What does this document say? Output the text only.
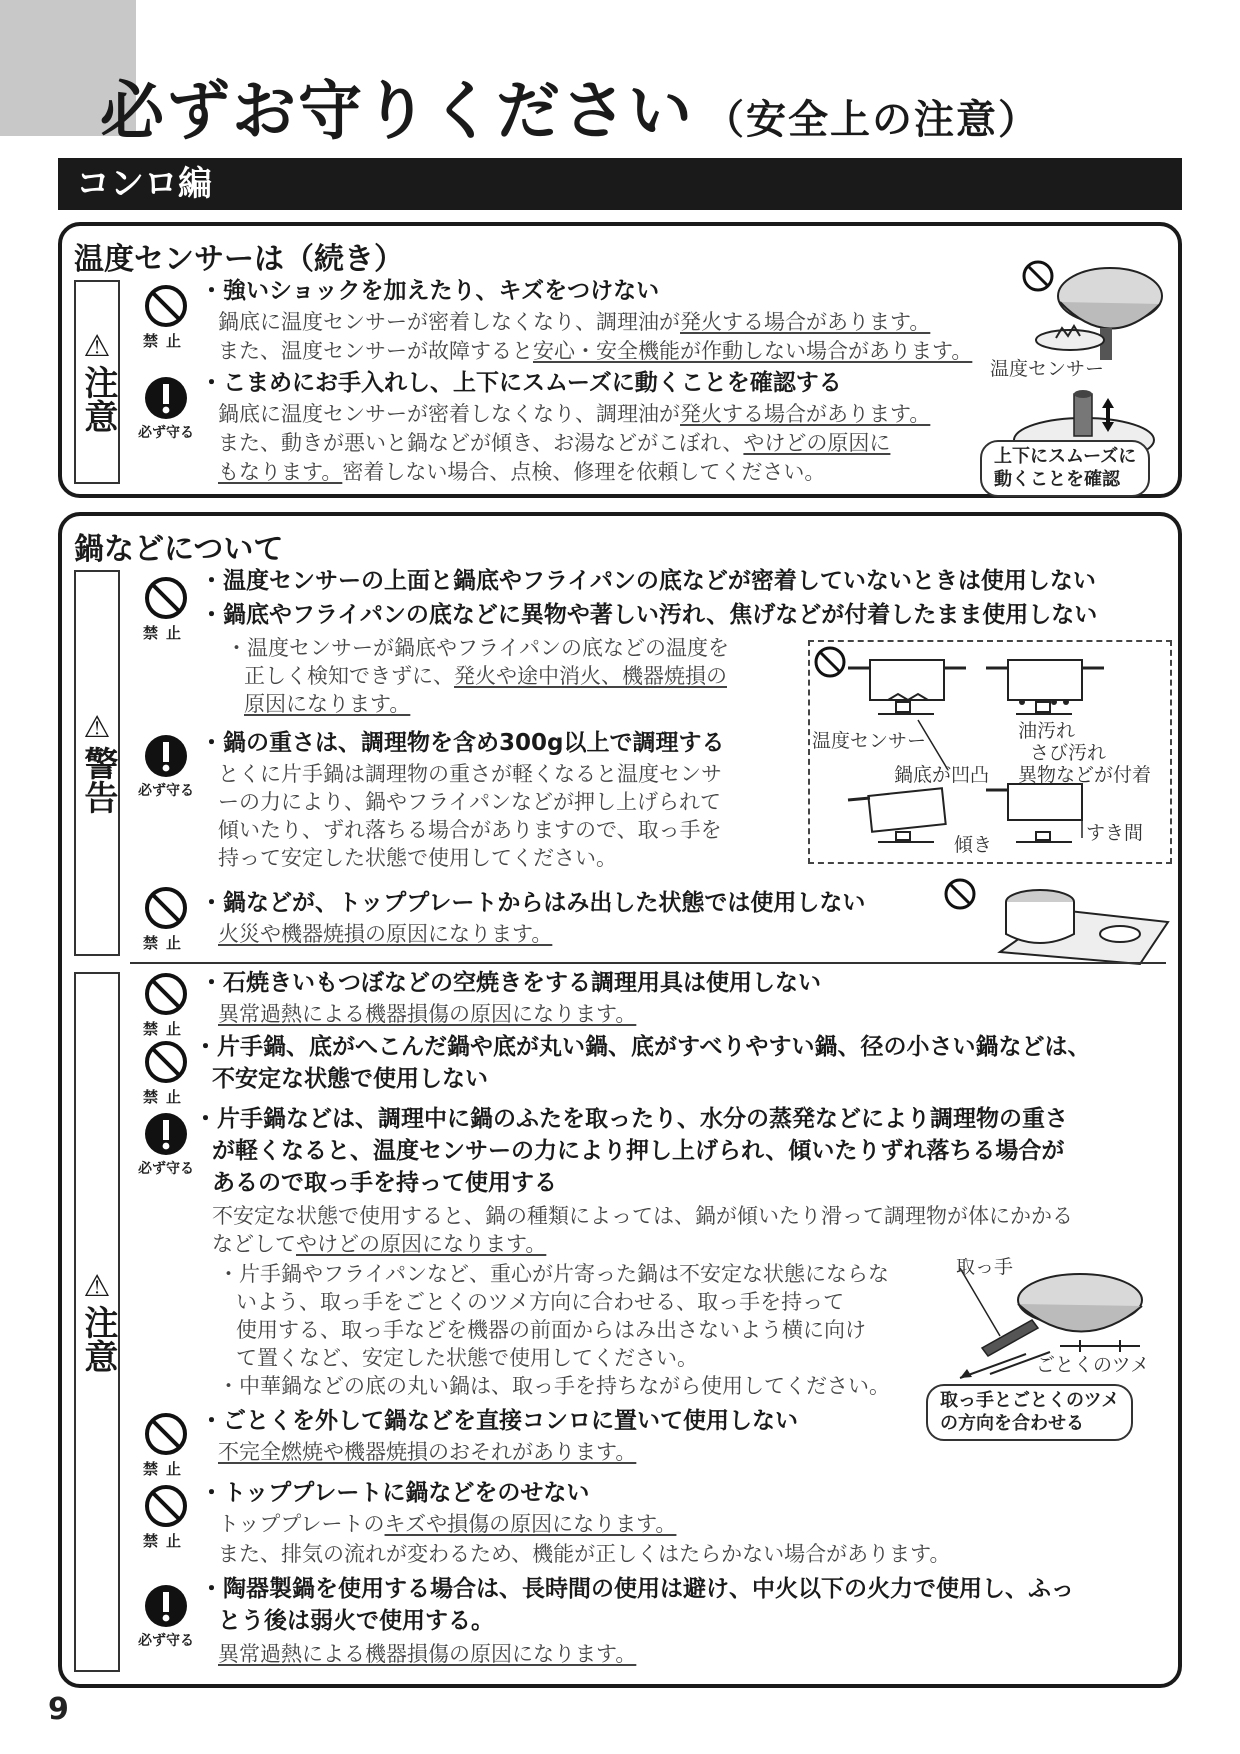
必ずお守りください （安全上の注意）
コンロ編
温度センサーは（続き）
⚠
注意
禁止
・強いショックを加えたり、キズをつけない
鍋底に温度センサーが密着しなくなり、調理油が発火する場合があります。
また、温度センサーが故障すると安心・安全機能が作動しない場合があります。
必ず守る
・こまめにお手入れし、上下にスムーズに動くことを確認する
鍋底に温度センサーが密着しなくなり、調理油が発火する場合があります。
また、動きが悪いと鍋などが傾き、お湯などがこぼれ、やけどの原因に
もなります。密着しない場合、点検、修理を依頼してください。
温度センサー
上下にスムーズに
動くことを確認
鍋などについて
⚠
警告
禁止
・温度センサーの上面と鍋底やフライパンの底などが密着していないときは使用しない
・鍋底やフライパンの底などに異物や著しい汚れ、焦げなどが付着したまま使用しない
・温度センサーが鍋底やフライパンの底などの温度を
正しく検知できずに、発火や途中消火、機器焼損の
原因になります。
必ず守る
・鍋の重さは、調理物を含め300g以上で調理する
とくに片手鍋は調理物の重さが軽くなると温度センサ
ーの力により、鍋やフライパンなどが押し上げられて
傾いたり、ずれ落ちる場合がありますので、取っ手を
持って安定した状態で使用してください。
温度センサー	油汚れ
さび汚れ
鍋底が凹凸 異物などが付着
傾き
すき間
禁止
・鍋などが、トッププレートからはみ出した状態では使用しない
火災や機器焼損の原因になります。
⚠
注意
禁止
・石焼きいもつぼなどの空焼きをする調理用具は使用しない
異常過熱による機器損傷の原因になります。
禁止
・片手鍋、底がへこんだ鍋や底が丸い鍋、底がすべりやすい鍋、径の小さい鍋などは、
不安定な状態で使用しない
必ず守る
・片手鍋などは、調理中に鍋のふたを取ったり、水分の蒸発などにより調理物の重さ
が軽くなると、温度センサーの力により押し上げられ、傾いたりずれ落ちる場合が
あるので取っ手を持って使用する
不安定な状態で使用すると、鍋の種類によっては、鍋が傾いたり滑って調理物が体にかかる
などしてやけどの原因になります。
・片手鍋やフライパンなど、重心が片寄った鍋は不安定な状態にならな
いよう、取っ手をごとくのツメ方向に合わせる、取っ手を持って
使用する、取っ手などを機器の前面からはみ出さないよう横に向け
て置くなど、安定した状態で使用してください。
・中華鍋などの底の丸い鍋は、取っ手を持ちながら使用してください。
取っ手
ごとくのツメ
取っ手とごとくのツメ
の方向を合わせる
禁止
・ごとくを外して鍋などを直接コンロに置いて使用しない
不完全燃焼や機器焼損のおそれがあります。
禁止
・トッププレートに鍋などをのせない
トッププレートのキズや損傷の原因になります。
また、排気の流れが変わるため、機能が正しくはたらかない場合があります。
必ず守る
・陶器製鍋を使用する場合は、長時間の使用は避け、中火以下の火力で使用し、ふっ
とう後は弱火で使用する。
異常過熱による機器損傷の原因になります。
9
